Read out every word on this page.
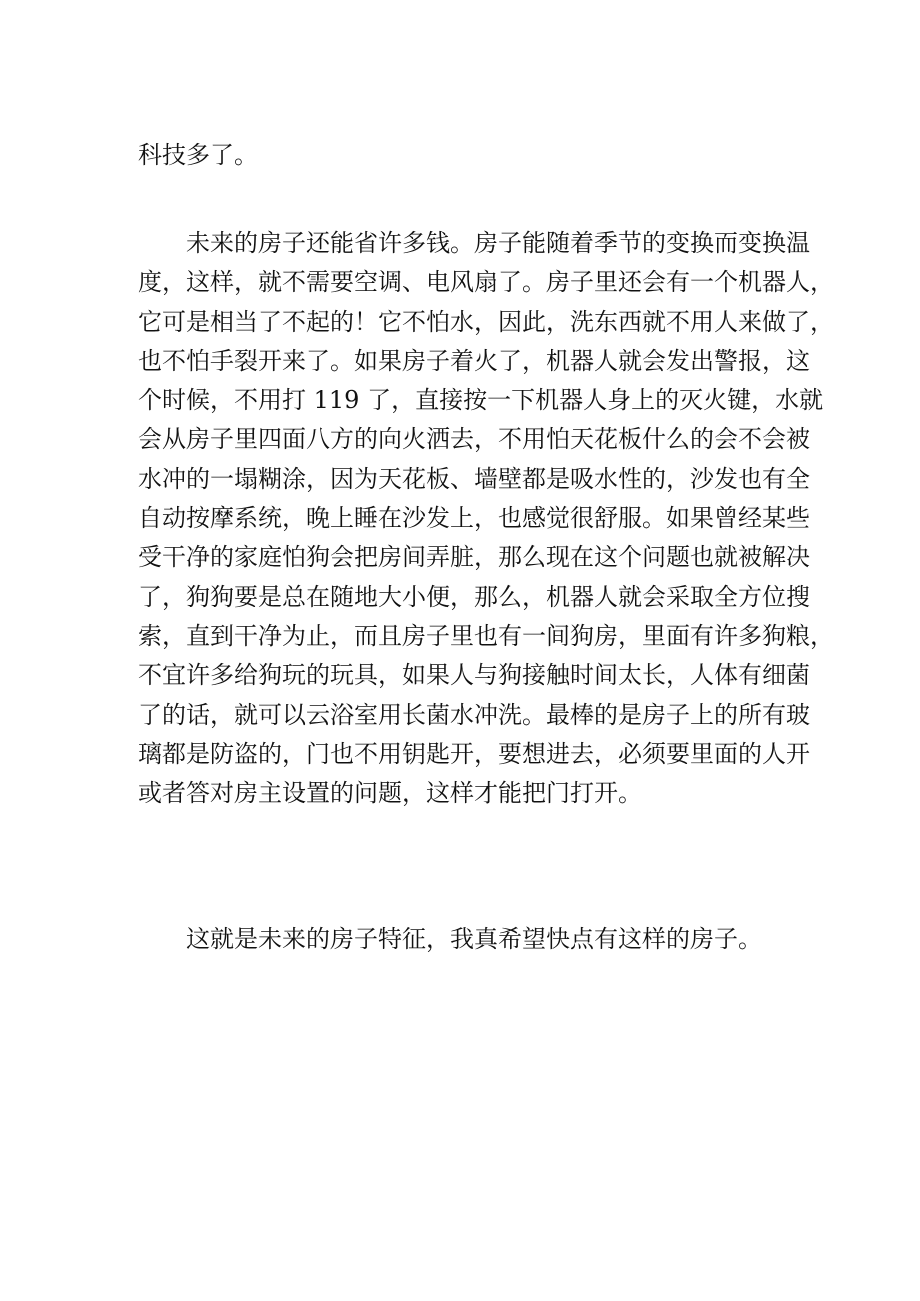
科技多了。

　　未来的房子还能省许多钱。房子能随着季节的变换而变换温
度，这样，就不需要空调、电风扇了。房子里还会有一个机器人，
它可是相当了不起的！它不怕水，因此，洗东西就不用人来做了，
也不怕手裂开来了。如果房子着火了，机器人就会发出警报，这
个时候，不用打 119 了，直接按一下机器人身上的灭火键，水就
会从房子里四面八方的向火洒去，不用怕天花板什么的会不会被
水冲的一塌糊涂，因为天花板、墙壁都是吸水性的，沙发也有全
自动按摩系统，晚上睡在沙发上，也感觉很舒服。如果曾经某些
受干净的家庭怕狗会把房间弄脏，那么现在这个问题也就被解决
了，狗狗要是总在随地大小便，那么，机器人就会采取全方位搜
索，直到干净为止，而且房子里也有一间狗房，里面有许多狗粮，
不宜许多给狗玩的玩具，如果人与狗接触时间太长，人体有细菌
了的话，就可以云浴室用长菌水冲洗。最棒的是房子上的所有玻
璃都是防盗的，门也不用钥匙开，要想进去，必须要里面的人开
或者答对房主设置的问题，这样才能把门打开。

　　这就是未来的房子特征，我真希望快点有这样的房子。
